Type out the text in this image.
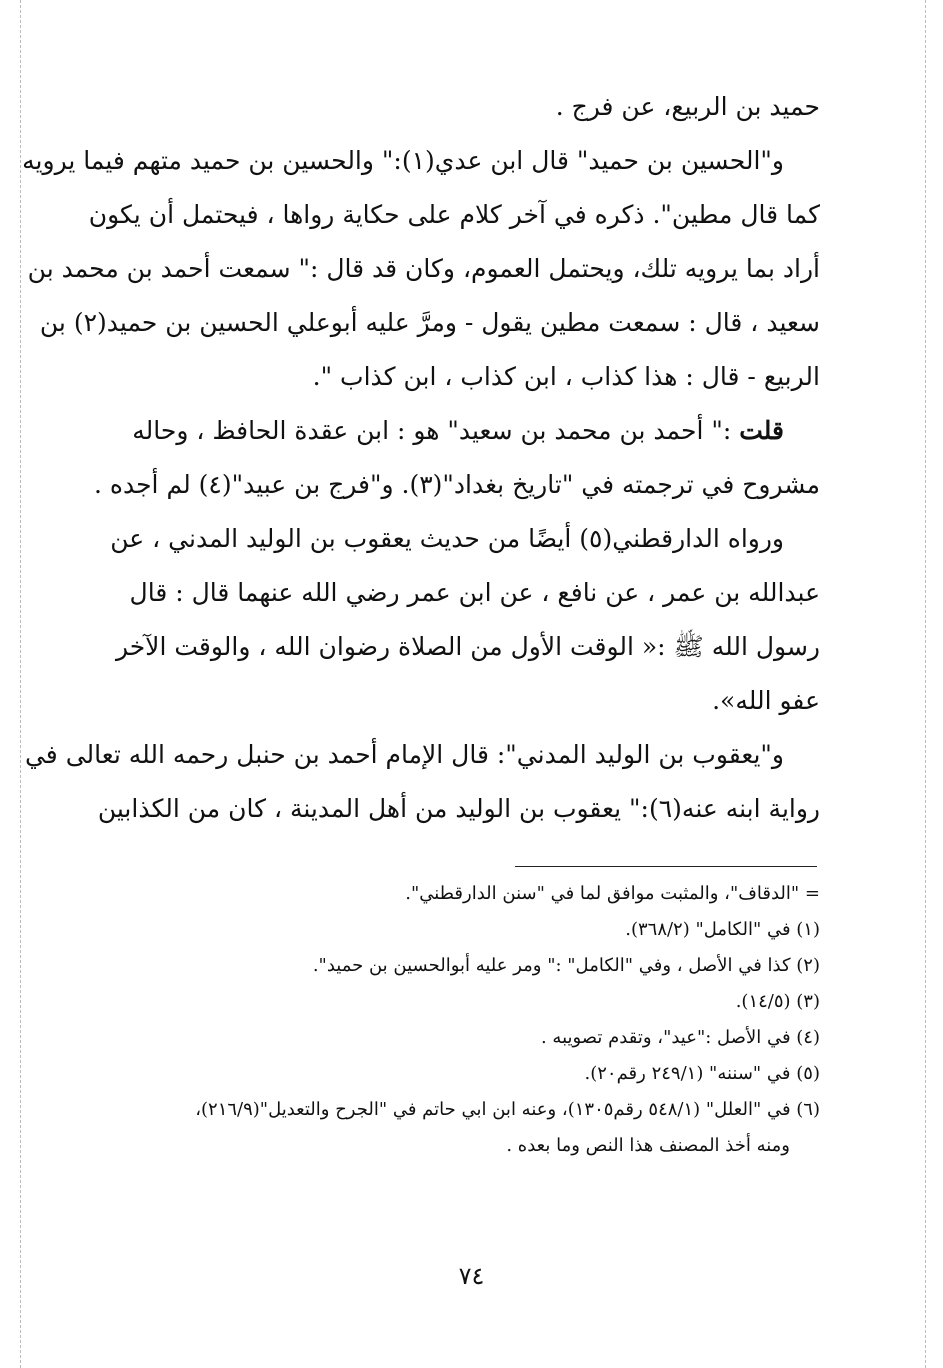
حميد بن الربيع، عن فرج .
و"الحسين بن حميد" قال ابن عدي(١):" والحسين بن حميد متهم فيما يرويه
كما قال مطين". ذكره في آخر كلام على حكاية رواها ، فيحتمل أن يكون
أراد بما يرويه تلك، ويحتمل العموم، وكان قد قال :" سمعت أحمد بن محمد بن
سعيد ، قال : سمعت مطين يقول - ومرَّ عليه أبوعلي الحسين بن حميد(٢) بن
الربيع - قال : هذا كذاب ، ابن كذاب ، ابن كذاب ".
قلت :" أحمد بن محمد بن سعيد" هو : ابن عقدة الحافظ ، وحاله
مشروح في ترجمته في "تاريخ بغداد"(٣). و"فرج بن عبيد"(٤) لم أجده .
ورواه الدارقطني(٥) أيضًا من حديث يعقوب بن الوليد المدني ، عن
عبدالله بن عمر ، عن نافع ، عن ابن عمر رضي الله عنهما قال : قال
رسول الله ﷺ :« الوقت الأول من الصلاة رضوان الله ، والوقت الآخر
عفو الله».
و"يعقوب بن الوليد المدني": قال الإمام أحمد بن حنبل رحمه الله تعالى في
رواية ابنه عنه(٦):" يعقوب بن الوليد من أهل المدينة ، كان من الكذابين
= "الدقاف"، والمثبت موافق لما في "سنن الدارقطني".
(١) في "الكامل" (٣٦٨/٢).
(٢) كذا في الأصل ، وفي "الكامل" :" ومر عليه أبوالحسين بن حميد".
(٣) (١٤/٥).
(٤) في الأصل :"عيد"، وتقدم تصويبه .
(٥) في "سننه" (٢٤٩/١ رقم٢٠).
(٦) في "العلل" (٥٤٨/١ رقم١٣٠٥)، وعنه ابن ابي حاتم في "الجرح والتعديل"(٢١٦/٩)،
ومنه أخذ المصنف هذا النص وما بعده .
٧٤
